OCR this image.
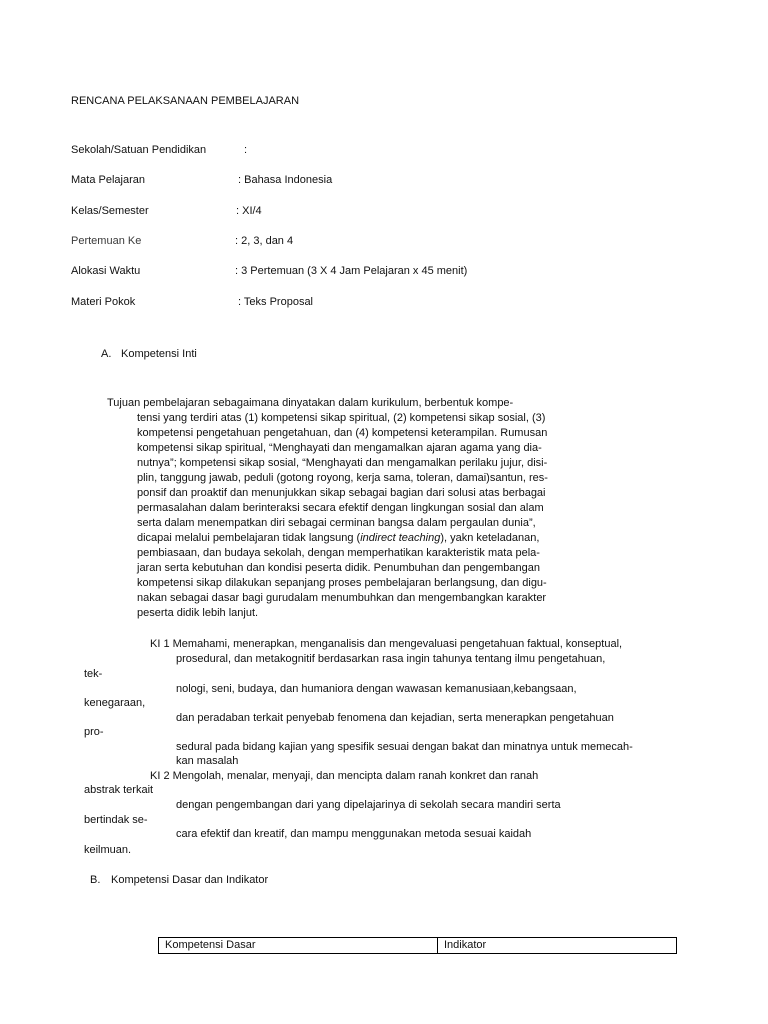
RENCANA PELAKSANAAN PEMBELAJARAN
Sekolah/Satuan Pendidikan	:
Mata Pelajaran	: Bahasa Indonesia
Kelas/Semester	: XI/4
Pertemuan Ke	: 2, 3, dan 4
Alokasi Waktu	: 3 Pertemuan (3 X 4 Jam Pelajaran x 45 menit)
Materi Pokok	: Teks Proposal
A. Kompetensi Inti
Tujuan pembelajaran sebagaimana dinyatakan dalam kurikulum, berbentuk kompe-
tensi yang terdiri atas (1) kompetensi sikap spiritual, (2) kompetensi sikap sosial, (3)
kompetensi pengetahuan pengetahuan, dan (4) kompetensi keterampilan. Rumusan
kompetensi sikap spiritual, “Menghayati dan mengamalkan ajaran agama yang dia-
nutnya”; kompetensi sikap sosial, “Menghayati dan mengamalkan perilaku jujur, disi-
plin, tanggung jawab, peduli (gotong royong, kerja sama, toleran, damai)santun, res-
ponsif dan proaktif dan menunjukkan sikap sebagai bagian dari solusi atas berbagai
permasalahan dalam berinteraksi secara efektif dengan lingkungan sosial dan alam
serta dalam menempatkan diri sebagai cerminan bangsa dalam pergaulan dunia”,
dicapai melalui pembelajaran tidak langsung (indirect teaching), yakn keteladanan,
pembiasaan, dan budaya sekolah, dengan memperhatikan karakteristik mata pela-
jaran serta kebutuhan dan kondisi peserta didik. Penumbuhan dan pengembangan
kompetensi sikap dilakukan sepanjang proses pembelajaran berlangsung, dan digu-
nakan sebagai dasar bagi gurudalam menumbuhkan dan mengembangkan karakter
peserta didik lebih lanjut.
KI 1 Memahami, menerapkan, menganalisis dan mengevaluasi pengetahuan faktual, konseptual,
prosedural, dan metakognitif berdasarkan rasa ingin tahunya tentang ilmu pengetahuan,
tek-
nologi, seni, budaya, dan humaniora dengan wawasan kemanusiaan,kebangsaan,
kenegaraan,
dan peradaban terkait penyebab fenomena dan kejadian, serta menerapkan pengetahuan
pro-
sedural pada bidang kajian yang spesifik sesuai dengan bakat dan minatnya untuk memecah-
kan masalah
KI 2 Mengolah, menalar, menyaji, dan mencipta dalam ranah konkret dan ranah
abstrak terkait
dengan pengembangan dari yang dipelajarinya di sekolah secara mandiri serta
bertindak se-
cara efektif dan kreatif, dan mampu menggunakan metoda sesuai kaidah
keilmuan.
B. Kompetensi Dasar dan Indikator
Kompetensi Dasar	Indikator
